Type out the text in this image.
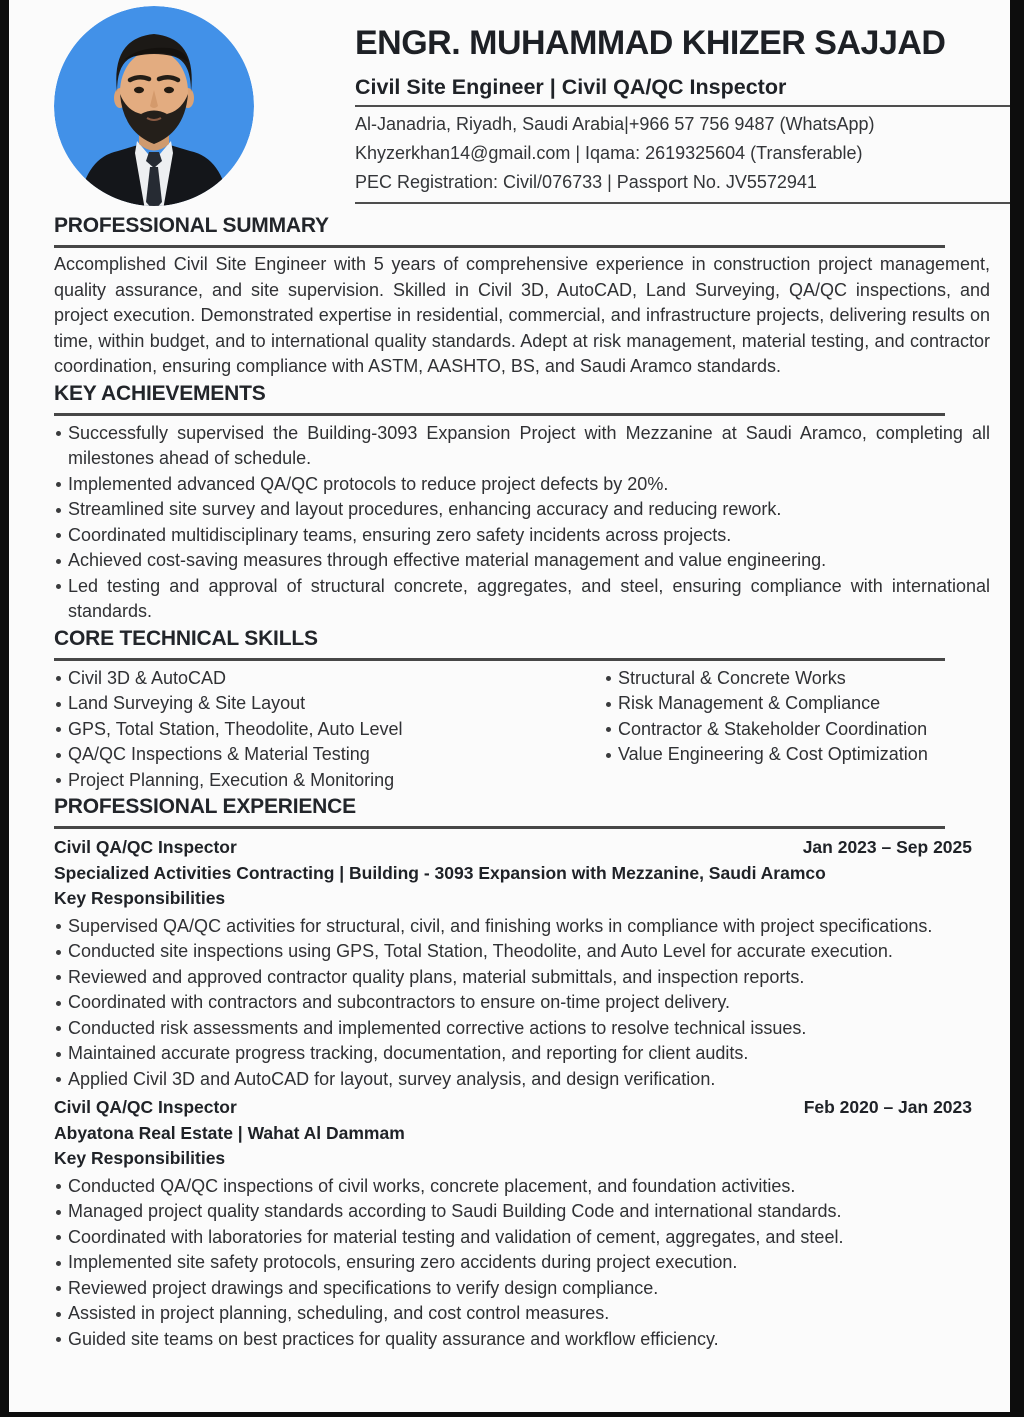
ENGR. MUHAMMAD KHIZER SAJJAD
Civil Site Engineer | Civil QA/QC Inspector
Al-Janadria, Riyadh, Saudi Arabia|+966 57 756 9487 (WhatsApp)
Khyzerkhan14@gmail.com | Iqama: 2619325604 (Transferable)
PEC Registration: Civil/076733 | Passport No. JV5572941
PROFESSIONAL SUMMARY

Accomplished Civil Site Engineer with 5 years of comprehensive experience in construction project management, quality assurance, and site supervision. Skilled in Civil 3D, AutoCAD, Land Surveying, QA/QC inspections, and project execution. Demonstrated expertise in residential, commercial, and infrastructure projects, delivering results on time, within budget, and to international quality standards. Adept at risk management, material testing, and contractor coordination, ensuring compliance with ASTM, AASHTO, BS, and Saudi Aramco standards.

KEY ACHIEVEMENTS
Successfully supervised the Building-3093 Expansion Project with Mezzanine at Saudi Aramco, completing all milestones ahead of schedule.
Implemented advanced QA/QC protocols to reduce project defects by 20%.
Streamlined site survey and layout procedures, enhancing accuracy and reducing rework.
Coordinated multidisciplinary teams, ensuring zero safety incidents across projects.
Achieved cost-saving measures through effective material management and value engineering.
Led testing and approval of structural concrete, aggregates, and steel, ensuring compliance with international standards.
CORE TECHNICAL SKILLS
Civil 3D & AutoCAD
Land Surveying & Site Layout
GPS, Total Station, Theodolite, Auto Level
QA/QC Inspections & Material Testing
Project Planning, Execution & Monitoring
Structural & Concrete Works
Risk Management & Compliance
Contractor & Stakeholder Coordination
Value Engineering & Cost Optimization
PROFESSIONAL EXPERIENCE
Civil QA/QC Inspector	Jan 2023 – Sep 2025
Specialized Activities Contracting | Building - 3093 Expansion with Mezzanine, Saudi Aramco
Key Responsibilities
Supervised QA/QC activities for structural, civil, and finishing works in compliance with project specifications.
Conducted site inspections using GPS, Total Station, Theodolite, and Auto Level for accurate execution.
Reviewed and approved contractor quality plans, material submittals, and inspection reports.
Coordinated with contractors and subcontractors to ensure on-time project delivery.
Conducted risk assessments and implemented corrective actions to resolve technical issues.
Maintained accurate progress tracking, documentation, and reporting for client audits.
Applied Civil 3D and AutoCAD for layout, survey analysis, and design verification.
Civil QA/QC Inspector	Feb 2020 – Jan 2023
Abyatona Real Estate | Wahat Al Dammam
Key Responsibilities
Conducted QA/QC inspections of civil works, concrete placement, and foundation activities.
Managed project quality standards according to Saudi Building Code and international standards.
Coordinated with laboratories for material testing and validation of cement, aggregates, and steel.
Implemented site safety protocols, ensuring zero accidents during project execution.
Reviewed project drawings and specifications to verify design compliance.
Assisted in project planning, scheduling, and cost control measures.
Guided site teams on best practices for quality assurance and workflow efficiency.
